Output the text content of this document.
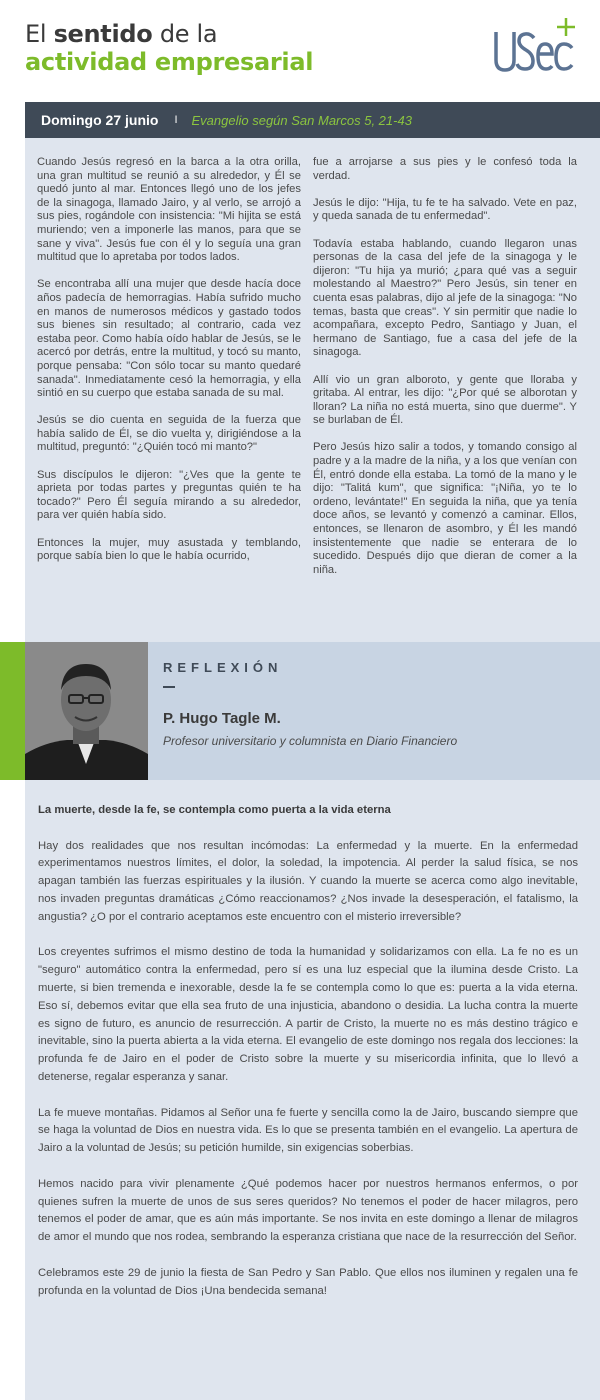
El sentido de la
actividad empresarial
Domingo 27 junio I Evangelio según San Marcos 5, 21-43

Cuando Jesús regresó en la barca a la otra orilla, una gran multitud se reunió a su alrededor, y Él se quedó junto al mar. Entonces llegó uno de los jefes de la sinagoga, llamado Jairo, y al verlo, se arrojó a sus pies, rogándole con insistencia: "Mi hijita se está muriendo; ven a imponerle las manos, para que se sane y viva". Jesús fue con él y lo seguía una gran multitud que lo apretaba por todos lados.

Se encontraba allí una mujer que desde hacía doce años padecía de hemorragias. Había sufrido mucho en manos de numerosos médicos y gastado todos sus bienes sin resultado; al contrario, cada vez estaba peor. Como había oído hablar de Jesús, se le acercó por detrás, entre la multitud, y tocó su manto, porque pensaba: "Con sólo tocar su manto quedaré sanada". Inmediatamente cesó la hemorragia, y ella sintió en su cuerpo que estaba sanada de su mal.

Jesús se dio cuenta en seguida de la fuerza que había salido de Él, se dio vuelta y, dirigiéndose a la multitud, preguntó: "¿Quién tocó mi manto?"

Sus discípulos le dijeron: "¿Ves que la gente te aprieta por todas partes y preguntas quién te ha tocado?" Pero Él seguía mirando a su alrededor, para ver quién había sido.

Entonces la mujer, muy asustada y temblando, porque sabía bien lo que le había ocurrido,

fue a arrojarse a sus pies y le confesó toda la verdad.

Jesús le dijo: "Hija, tu fe te ha salvado. Vete en paz, y queda sanada de tu enfermedad".

Todavía estaba hablando, cuando llegaron unas personas de la casa del jefe de la sinagoga y le dijeron: "Tu hija ya murió; ¿para qué vas a seguir molestando al Maestro?" Pero Jesús, sin tener en cuenta esas palabras, dijo al jefe de la sinagoga: "No temas, basta que creas". Y sin permitir que nadie lo acompañara, excepto Pedro, Santiago y Juan, el hermano de Santiago, fue a casa del jefe de la sinagoga.

Allí vio un gran alboroto, y gente que lloraba y gritaba. Al entrar, les dijo: "¿Por qué se alborotan y lloran? La niña no está muerta, sino que duerme". Y se burlaban de Él.

Pero Jesús hizo salir a todos, y tomando consigo al padre y a la madre de la niña, y a los que venían con Él, entró donde ella estaba. La tomó de la mano y le dijo: "Talitá kum", que significa: "¡Niña, yo te lo ordeno, levántate!" En seguida la niña, que ya tenía doce años, se levantó y comenzó a caminar. Ellos, entonces, se llenaron de asombro, y Él les mandó insistentemente que nadie se enterara de lo sucedido. Después dijo que dieran de comer a la niña.

REFLEXIÓN
P. Hugo Tagle M.
Profesor universitario y columnista en Diario Financiero
La muerte, desde la fe, se contempla como puerta a la vida eterna

Hay dos realidades que nos resultan incómodas: La enfermedad y la muerte. En la enfermedad experimentamos nuestros límites, el dolor, la soledad, la impotencia. Al perder la salud física, se nos apagan también las fuerzas espirituales y la ilusión. Y cuando la muerte se acerca como algo inevitable, nos invaden preguntas dramáticas ¿Cómo reaccionamos? ¿Nos invade la desesperación, el fatalismo, la angustia? ¿O por el contrario aceptamos este encuentro con el misterio irreversible?

Los creyentes sufrimos el mismo destino de toda la humanidad y solidarizamos con ella. La fe no es un "seguro" automático contra la enfermedad, pero sí es una luz especial que la ilumina desde Cristo. La muerte, si bien tremenda e inexorable, desde la fe se contempla como lo que es: puerta a la vida eterna. Eso sí, debemos evitar que ella sea fruto de una injusticia, abandono o desidia. La lucha contra la muerte es signo de futuro, es anuncio de resurrección. A partir de Cristo, la muerte no es más destino trágico e inevitable, sino la puerta abierta a la vida eterna. El evangelio de este domingo nos regala dos lecciones: la profunda fe de Jairo en el poder de Cristo sobre la muerte y su misericordia infinita, que lo llevó a detenerse, regalar esperanza y sanar.

La fe mueve montañas. Pidamos al Señor una fe fuerte y sencilla como la de Jairo, buscando siempre que se haga la voluntad de Dios en nuestra vida. Es lo que se presenta también en el evangelio. La apertura de Jairo a la voluntad de Jesús; su petición humilde, sin exigencias soberbias.

Hemos nacido para vivir plenamente ¿Qué podemos hacer por nuestros hermanos enfermos, o por quienes sufren la muerte de unos de sus seres queridos? No tenemos el poder de hacer milagros, pero tenemos el poder de amar, que es aún más importante. Se nos invita en este domingo a llenar de milagros de amor el mundo que nos rodea, sembrando la esperanza cristiana que nace de la resurrección del Señor.

Celebramos este 29 de junio la fiesta de San Pedro y San Pablo. Que ellos nos iluminen y regalen una fe profunda en la voluntad de Dios ¡Una bendecida semana!
